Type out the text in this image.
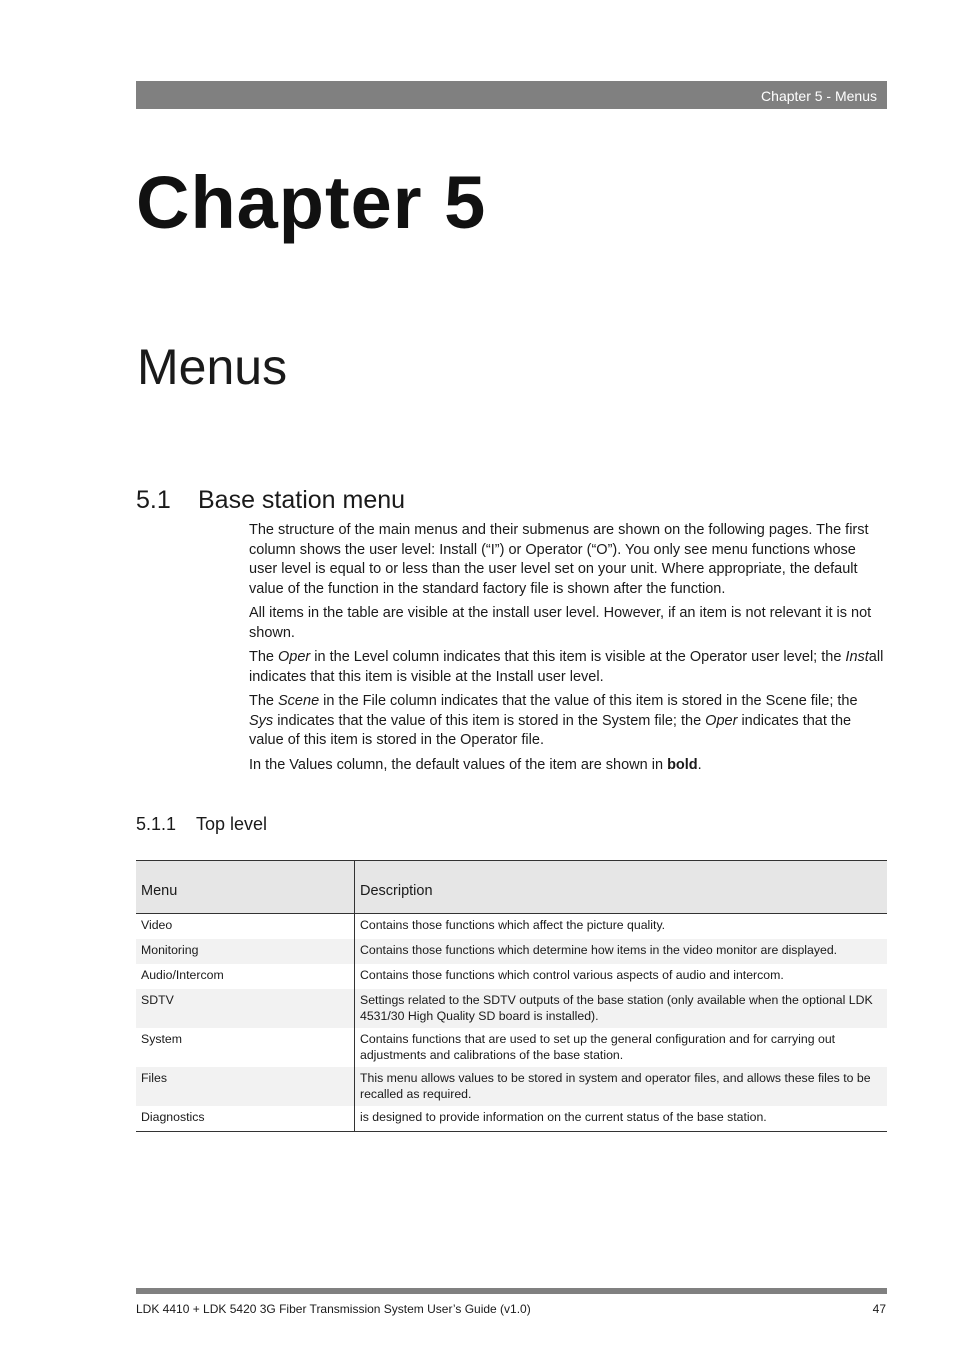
Chapter 5 - Menus
Chapter 5
Menus
5.1 Base station menu

The structure of the main menus and their submenus are shown on the following pages. The first column shows the user level: Install (“I”) or Operator (“O”). You only see menu functions whose user level is equal to or less than the user level set on your unit. Where appropriate, the default value of the function in the standard factory file is shown after the function.

All items in the table are visible at the install user level. However, if an item is not relevant it is not shown.

The Oper in the Level column indicates that this item is visible at the Operator user level; the Install indicates that this item is visible at the Install user level.

The Scene in the File column indicates that the value of this item is stored in the Scene file; the Sys indicates that the value of this item is stored in the System file; the Oper indicates that the value of this item is stored in the Operator file.

In the Values column, the default values of the item are shown in bold.

5.1.1 Top level
Menu	Description
Video	Contains those functions which affect the picture quality.
Monitoring	Contains those functions which determine how items in the video monitor are displayed.
Audio/Intercom	Contains those functions which control various aspects of audio and intercom.
SDTV	Settings related to the SDTV outputs of the base station (only available when the optional LDK 4531/30 High Quality SD board is installed).
System	Contains functions that are used to set up the general configuration and for carrying out adjustments and calibrations of the base station.
Files	This menu allows values to be stored in system and operator files, and allows these files to be recalled as required.
Diagnostics	is designed to provide information on the current status of the base station.
LDK 4410 + LDK 5420 3G Fiber Transmission System User’s Guide (v1.0)	47
